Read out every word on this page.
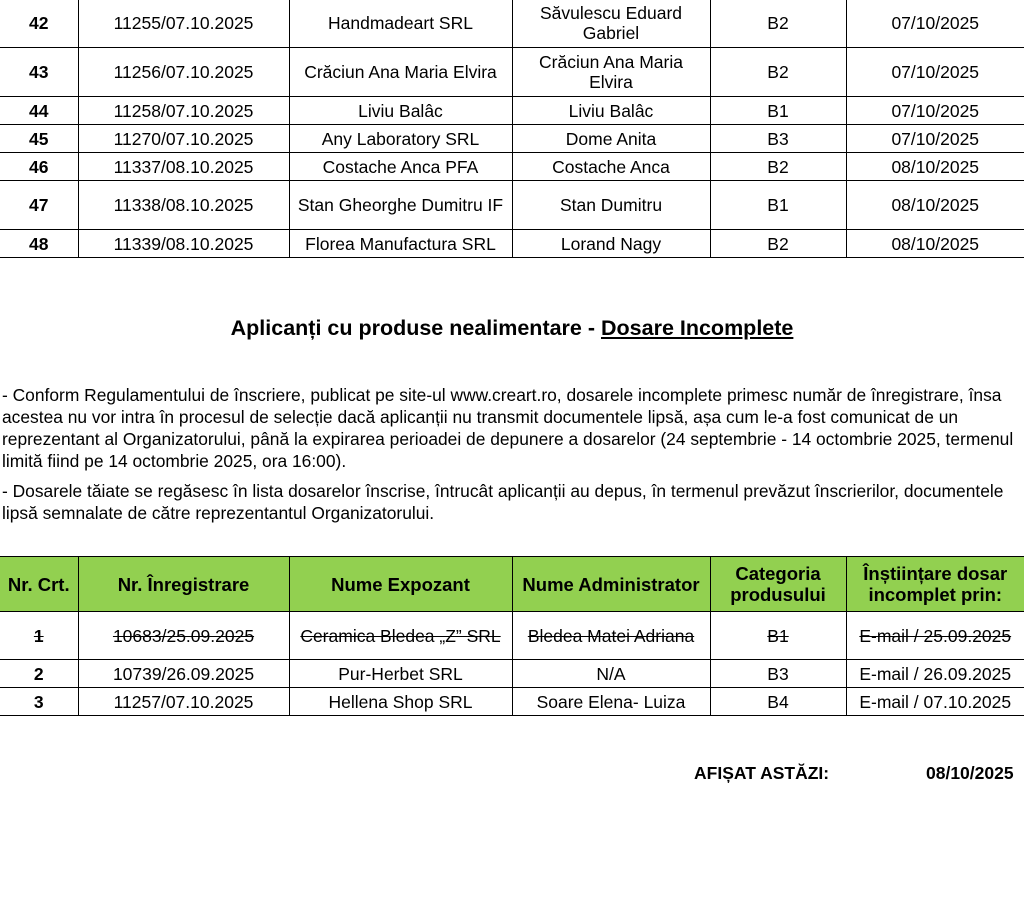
42	11255/07.10.2025	Handmadeart SRL	Săvulescu Eduard Gabriel	B2	07/10/2025
43	11256/07.10.2025	Crăciun Ana Maria Elvira	Crăciun Ana Maria Elvira	B2	07/10/2025
44	11258/07.10.2025	Liviu Balâc	Liviu Balâc	B1	07/10/2025
45	11270/07.10.2025	Any Laboratory SRL	Dome Anita	B3	07/10/2025
46	11337/08.10.2025	Costache Anca PFA	Costache Anca	B2	08/10/2025
47	11338/08.10.2025	Stan Gheorghe Dumitru IF	Stan Dumitru	B1	08/10/2025
48	11339/08.10.2025	Florea Manufactura SRL	Lorand Nagy	B2	08/10/2025
Aplicanți cu produse nealimentare - Dosare Incomplete
- Conform Regulamentului de înscriere, publicat pe site-ul www.creart.ro, dosarele incomplete primesc număr de înregistrare, însa acestea nu vor intra în procesul de selecție dacă aplicanții nu transmit documentele lipsă, așa cum le-a fost comunicat de un reprezentant al Organizatorului, până la expirarea perioadei de depunere a dosarelor (24 septembrie - 14 octombrie 2025, termenul limită fiind pe 14 octombrie 2025, ora 16:00).
- Dosarele tăiate se regăsesc în lista dosarelor înscrise, întrucât aplicanții au depus, în termenul prevăzut înscrierilor, documentele lipsă semnalate de către reprezentantul Organizatorului.
Nr. Crt.	Nr. Înregistrare	Nume Expozant	Nume Administrator	Categoria produsului	Înștiințare dosar incomplet prin:
1	10683/25.09.2025	Ceramica Bledea „Z” SRL	Bledea Matei Adriana	B1	E-mail / 25.09.2025
2	10739/26.09.2025	Pur-Herbet SRL	N/A	B3	E-mail / 26.09.2025
3	11257/07.10.2025	Hellena Shop SRL	Soare Elena- Luiza	B4	E-mail / 07.10.2025
AFIȘAT ASTĂZI:	08/10/2025
